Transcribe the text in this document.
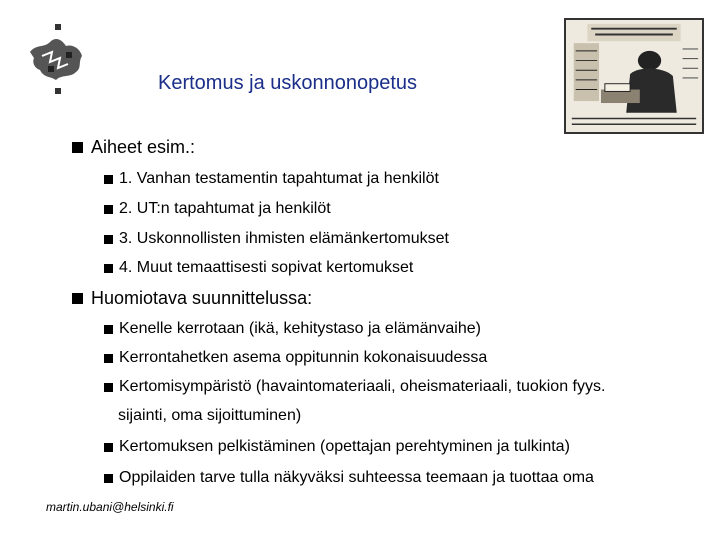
Kertomus ja uskonnonopetus
Aiheet esim.:
1. Vanhan testamentin tapahtumat ja henkilöt
2. UT:n tapahtumat ja henkilöt
3. Uskonnollisten ihmisten elämänkertomukset
4. Muut temaattisesti sopivat kertomukset
Huomiotava suunnittelussa:
Kenelle kerrotaan (ikä, kehitystaso ja elämänvaihe)
Kerrontahetken asema oppitunnin kokonaisuudessa
Kertomisympäristö (havaintomateriaali, oheismateriaali, tuokion fyys.
sijainti, oma sijoittuminen)
Kertomuksen pelkistäminen (opettajan perehtyminen ja tulkinta)
Oppilaiden tarve tulla näkyväksi suhteessa teemaan ja tuottaa oma
martin.ubani@helsinki.fi
